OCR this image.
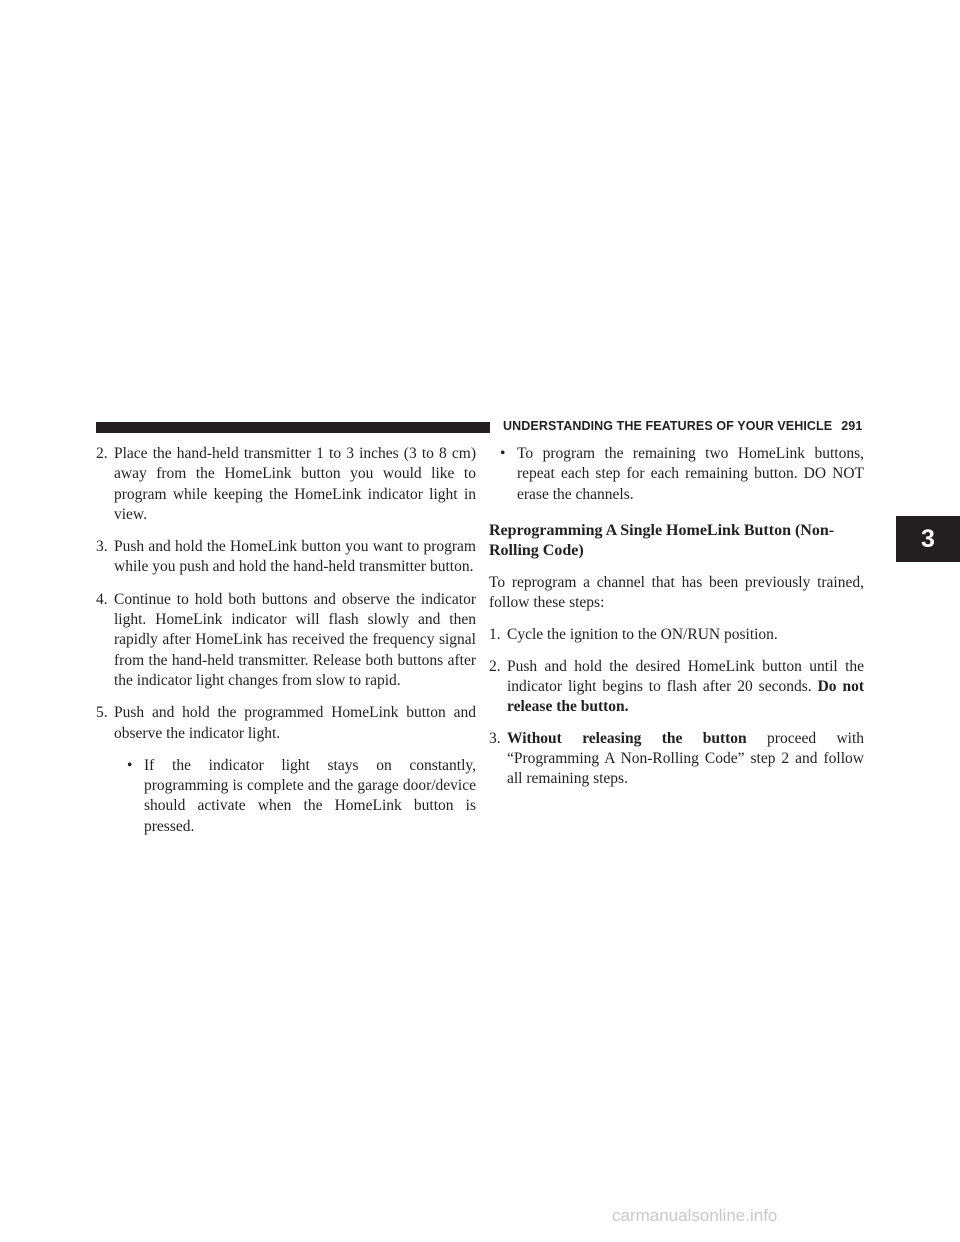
UNDERSTANDING THE FEATURES OF YOUR VEHICLE 291
3
2. Place the hand-held transmitter 1 to 3 inches (3 to 8 cm) away from the HomeLink button you would like to program while keeping the HomeLink indicator light in view.
3. Push and hold the HomeLink button you want to program while you push and hold the hand-held transmitter button.
4. Continue to hold both buttons and observe the indicator light. HomeLink indicator will flash slowly and then rapidly after HomeLink has received the frequency signal from the hand-held transmitter. Release both buttons after the indicator light changes from slow to rapid.
5. Push and hold the programmed HomeLink button and observe the indicator light.
• If the indicator light stays on constantly, programming is complete and the garage door/device should activate when the HomeLink button is pressed.
• To program the remaining two HomeLink buttons, repeat each step for each remaining button. DO NOT erase the channels.
Reprogramming A Single HomeLink Button (Non-Rolling Code)
To reprogram a channel that has been previously trained, follow these steps:
1. Cycle the ignition to the ON/RUN position.
2. Push and hold the desired HomeLink button until the indicator light begins to flash after 20 seconds. Do not release the button.
3. Without releasing the button proceed with “Programming A Non-Rolling Code” step 2 and follow all remaining steps.
carmanualsonline.info
